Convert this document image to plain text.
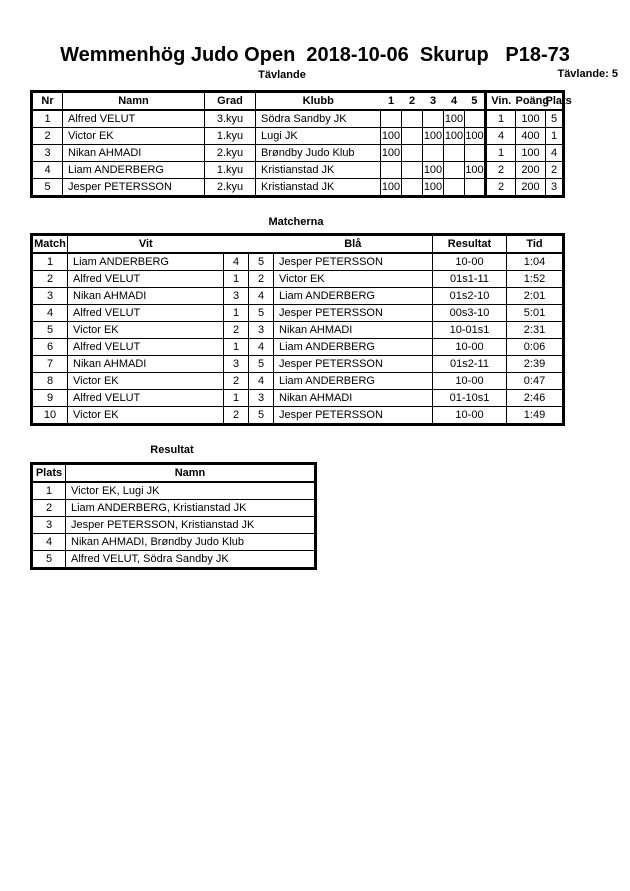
Wemmenhög Judo Open  2018-10-06  Skurup   P18-73
Tävlande	Tävlande: 5
Nr	Namn	Grad	Klubb	1	2	3	4	5	Vin.	Poäng	Plats
1	Alfred VELUT	3.kyu	Södra Sandby JK				100		1	100	5
2	Victor EK	1.kyu	Lugi JK	100		100	100	100	4	400	1
3	Nikan AHMADI	2.kyu	Brøndby Judo Klub	100					1	100	4
4	Liam ANDERBERG	1.kyu	Kristianstad JK			100		100	2	200	2
5	Jesper PETERSSON	2.kyu	Kristianstad JK	100		100			2	200	3
Matcherna
Match	Vit			Blå	Resultat	Tid
1	Liam ANDERBERG	4	5	Jesper PETERSSON	10-00	1:04
2	Alfred VELUT	1	2	Victor EK	01s1-11	1:52
3	Nikan AHMADI	3	4	Liam ANDERBERG	01s2-10	2:01
4	Alfred VELUT	1	5	Jesper PETERSSON	00s3-10	5:01
5	Victor EK	2	3	Nikan AHMADI	10-01s1	2:31
6	Alfred VELUT	1	4	Liam ANDERBERG	10-00	0:06
7	Nikan AHMADI	3	5	Jesper PETERSSON	01s2-11	2:39
8	Victor EK	2	4	Liam ANDERBERG	10-00	0:47
9	Alfred VELUT	1	3	Nikan AHMADI	01-10s1	2:46
10	Victor EK	2	5	Jesper PETERSSON	10-00	1:49
Resultat
Plats	Namn
1	Victor EK, Lugi JK
2	Liam ANDERBERG, Kristianstad JK
3	Jesper PETERSSON, Kristianstad JK
4	Nikan AHMADI, Brøndby Judo Klub
5	Alfred VELUT, Södra Sandby JK
